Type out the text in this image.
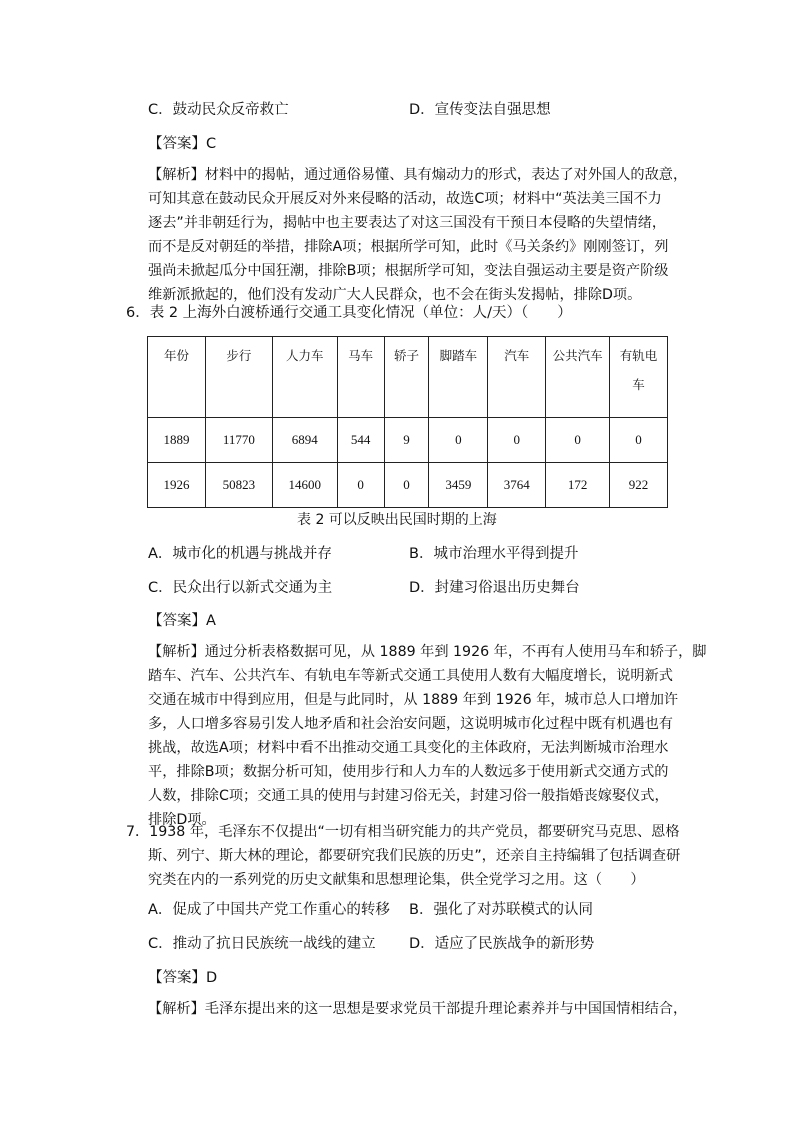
C．鼓动民众反帝救亡	D．宣传变法自强思想
【答案】C

【解析】材料中的揭帖，通过通俗易懂、具有煽动力的形式，表达了对外国人的敌意，

可知其意在鼓动民众开展反对外来侵略的活动，故选C项；材料中“英法美三国不力

逐去”并非朝廷行为，揭帖中也主要表达了对这三国没有干预日本侵略的失望情绪，

而不是反对朝廷的举措，排除A项；根据所学可知，此时《马关条约》刚刚签订，列

强尚未掀起瓜分中国狂潮，排除B项；根据所学可知，变法自强运动主要是资产阶级

维新派掀起的，他们没有发动广大人民群众，也不会在街头发揭帖，排除D项。

6．表 2 上海外白渡桥通行交通工具变化情况（单位：人/天）（　　）
年份	步行	人力车	马车	轿子	脚踏车	汽车	公共汽车	有轨电车
1889	11770	6894	544	9	0	0	0	0
1926	50823	14600	0	0	3459	3764	172	922
表 2 可以反映出民国时期的上海
A．城市化的机遇与挑战并存	B．城市治理水平得到提升
C．民众出行以新式交通为主	D．封建习俗退出历史舞台
【答案】A

【解析】通过分析表格数据可见，从 1889 年到 1926 年，不再有人使用马车和轿子，脚

踏车、汽车、公共汽车、有轨电车等新式交通工具使用人数有大幅度增长，说明新式

交通在城市中得到应用，但是与此同时，从 1889 年到 1926 年，城市总人口增加许

多，人口增多容易引发人地矛盾和社会治安问题，这说明城市化过程中既有机遇也有

挑战，故选A项；材料中看不出推动交通工具变化的主体政府，无法判断城市治理水

平，排除B项；数据分析可知，使用步行和人力车的人数远多于使用新式交通方式的

人数，排除C项；交通工具的使用与封建习俗无关，封建习俗一般指婚丧嫁娶仪式，

排除D项。

7．1938 年，毛泽东不仅提出“一切有相当研究能力的共产党员，都要研究马克思、恩格

斯、列宁、斯大林的理论，都要研究我们民族的历史”，还亲自主持编辑了包括调查研

究类在内的一系列党的历史文献集和思想理论集，供全党学习之用。这（　　）

A．促成了中国共产党工作重心的转移 B．强化了对苏联模式的认同
C．推动了抗日民族统一战线的建立 D．适应了民族战争的新形势
【答案】D

【解析】毛泽东提出来的这一思想是要求党员干部提升理论素养并与中国国情相结合，
